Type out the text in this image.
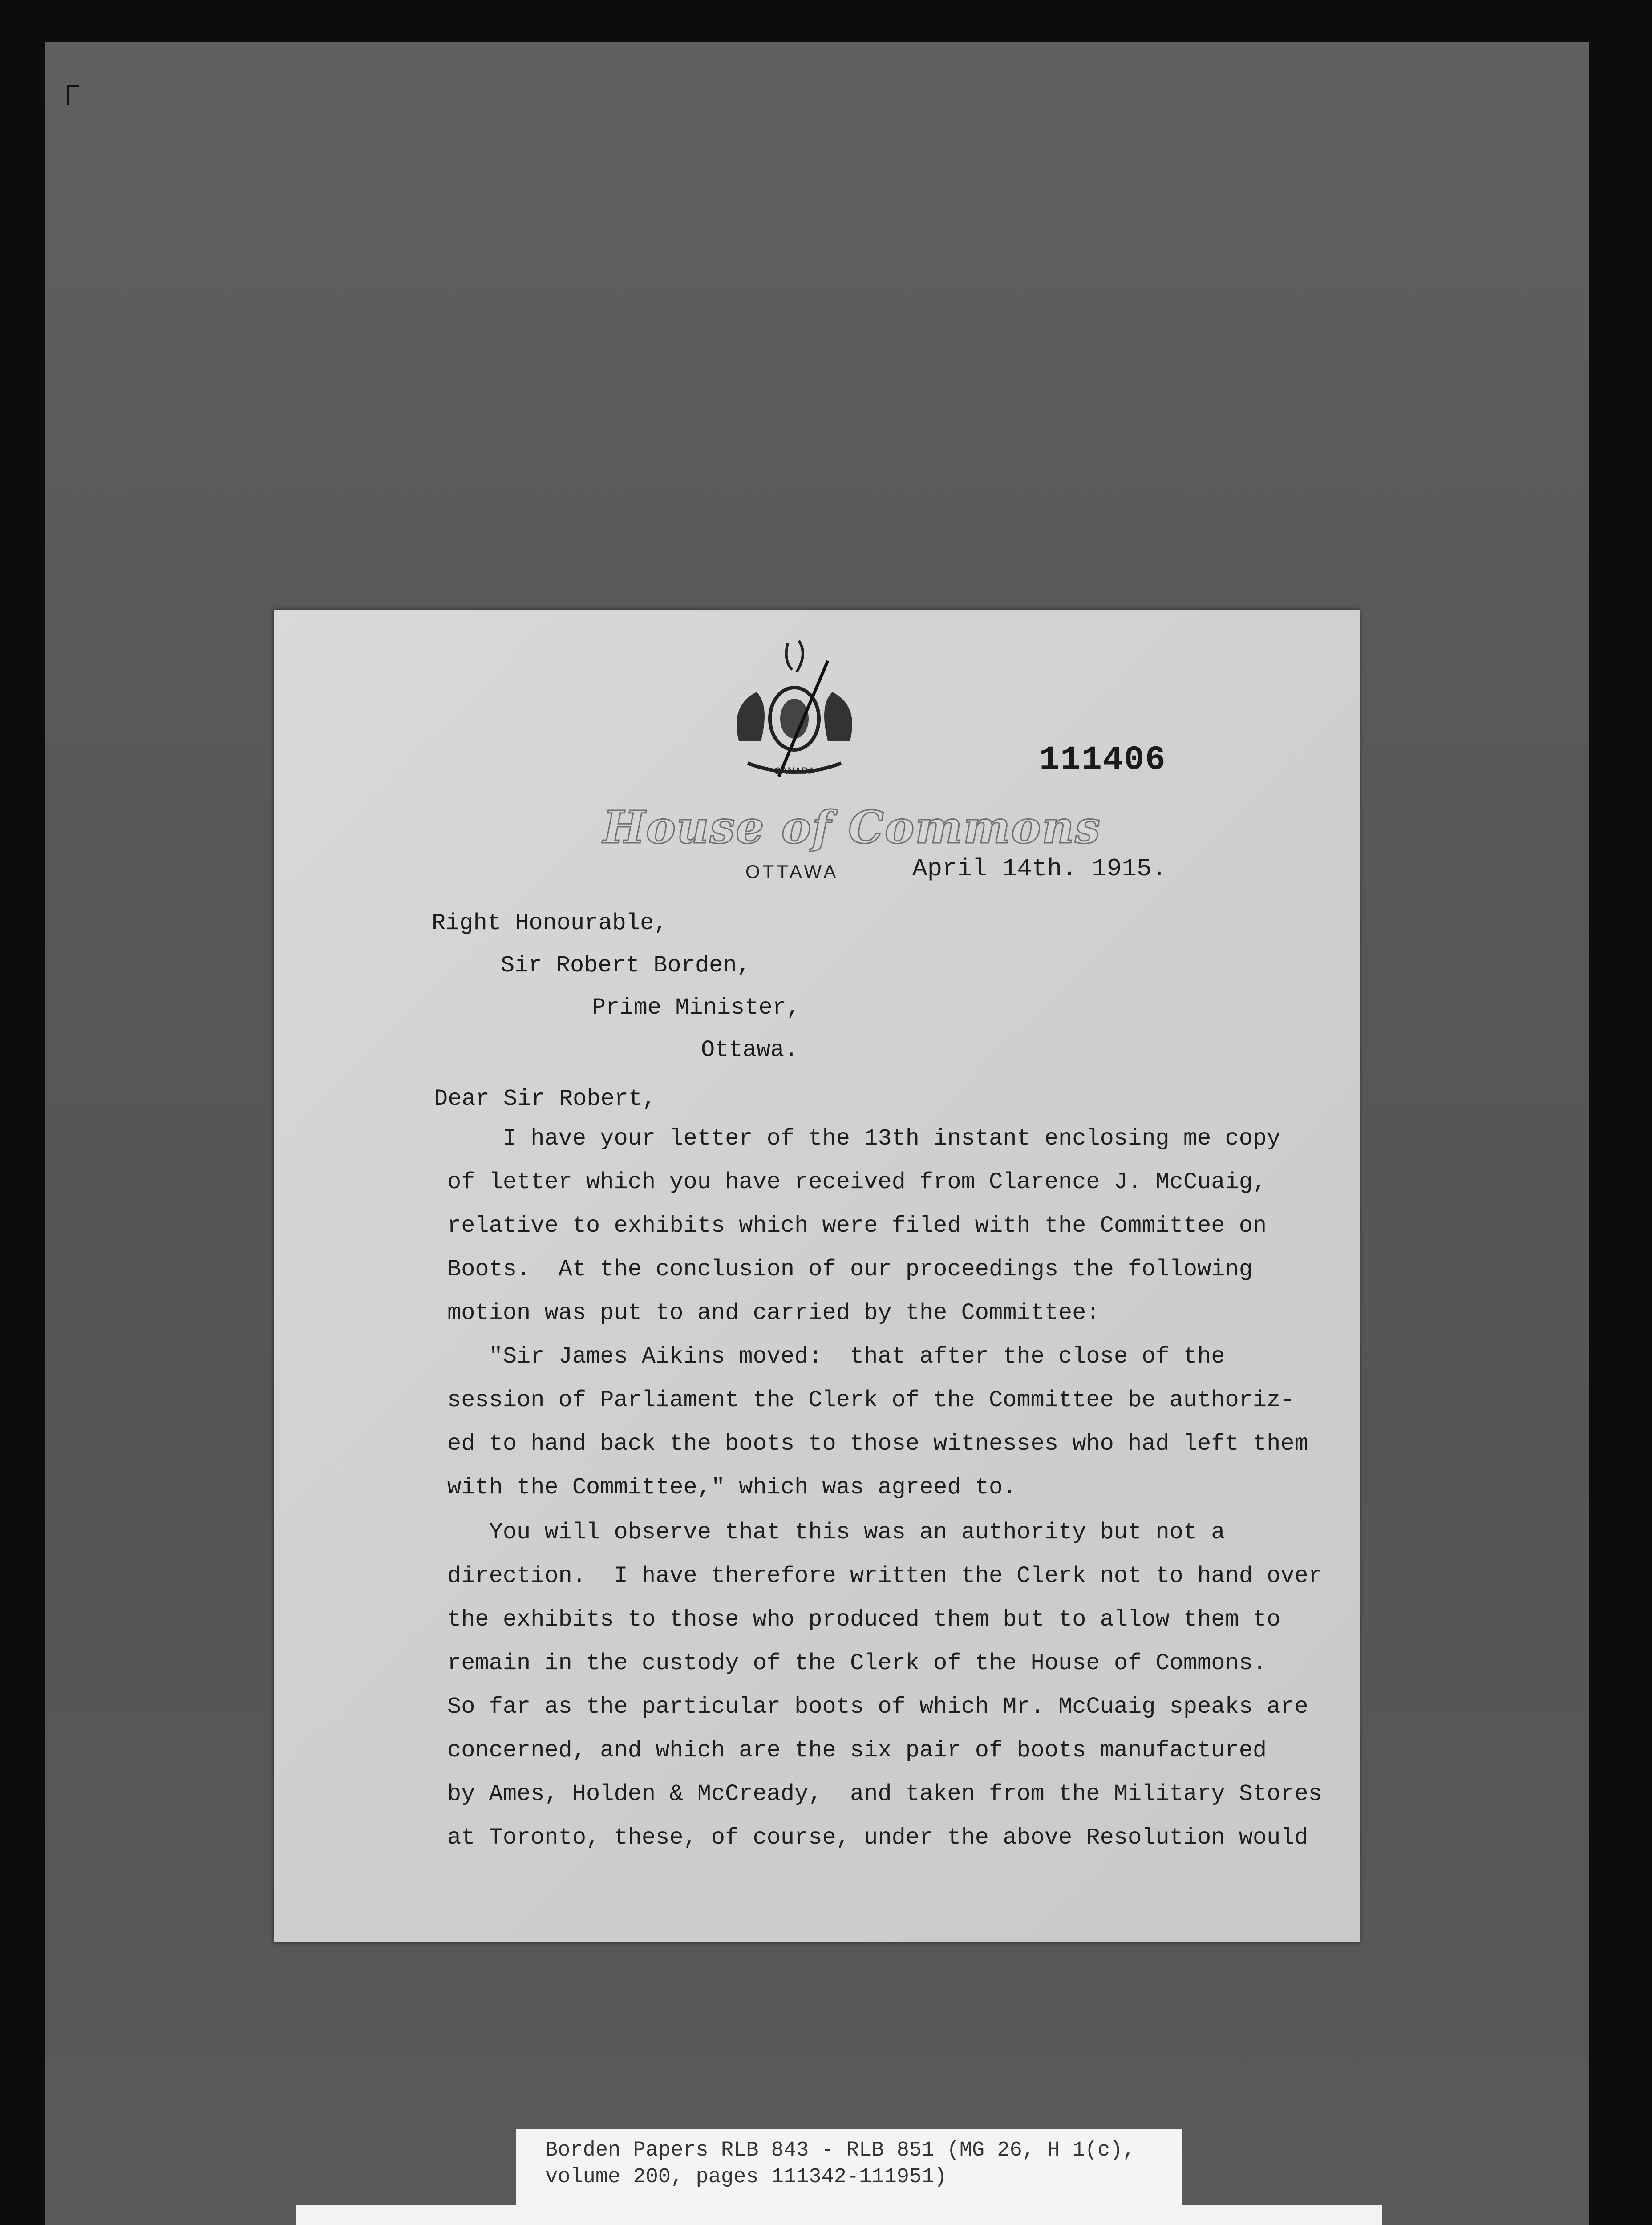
CANADA	111406
House of Commons
OTTAWA	April 14th. 1915.
Right Honourable,
Sir Robert Borden,
Prime Minister,
Ottawa.
Dear Sir Robert,
I have your letter of the 13th instant enclosing me copy
of letter which you have received from Clarence J. McCuaig,
relative to exhibits which were filed with the Committee on
Boots.  At the conclusion of our proceedings the following
motion was put to and carried by the Committee:
"Sir James Aikins moved:  that after the close of the
session of Parliament the Clerk of the Committee be authoriz-
ed to hand back the boots to those witnesses who had left them
with the Committee," which was agreed to.
You will observe that this was an authority but not a
direction.  I have therefore written the Clerk not to hand over
the exhibits to those who produced them but to allow them to
remain in the custody of the Clerk of the House of Commons.
So far as the particular boots of which Mr. McCuaig speaks are
concerned, and which are the six pair of boots manufactured
by Ames, Holden & McCready,  and taken from the Military Stores
at Toronto, these, of course, under the above Resolution would
Borden Papers RLB 843 - RLB 851 (MG 26, H 1(c),
volume 200, pages 111342-111951)
